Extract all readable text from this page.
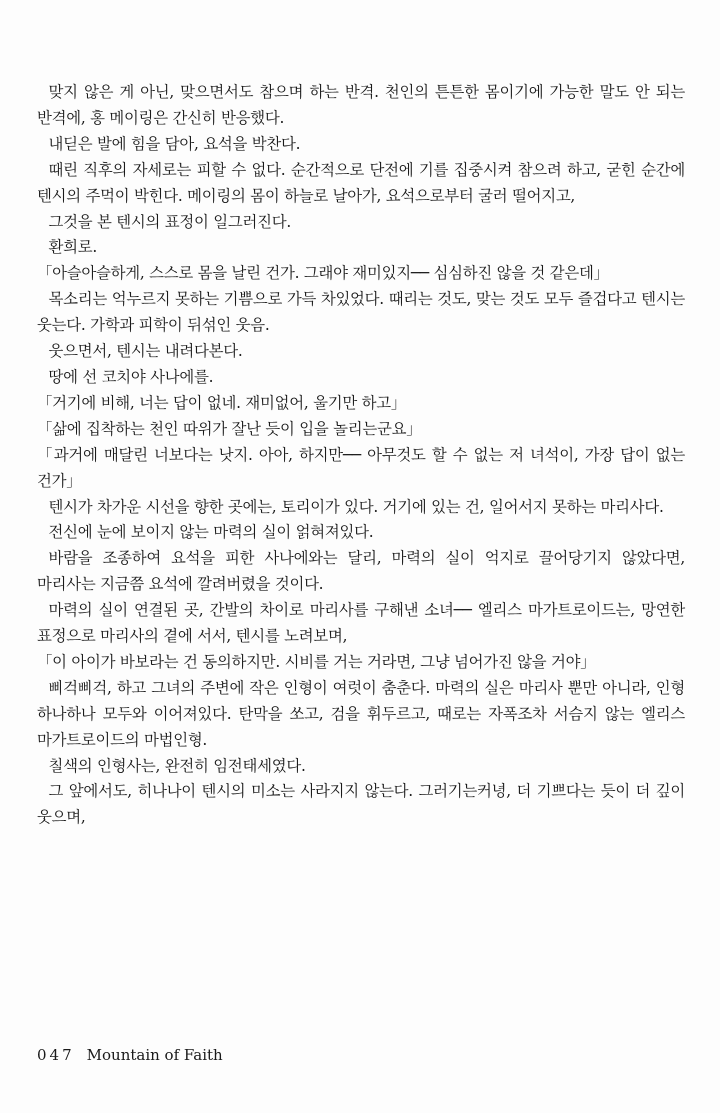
맞지 않은 게 아닌, 맞으면서도 참으며 하는 반격. 천인의 튼튼한 몸이기에 가능한 말도 안 되는 반격에, 홍 메이링은 간신히 반응했다.

내딛은 발에 힘을 담아, 요석을 박찬다.

때린 직후의 자세로는 피할 수 없다. 순간적으로 단전에 기를 집중시켜 참으려 하고, 굳힌 순간에 텐시의 주먹이 박힌다. 메이링의 몸이 하늘로 날아가, 요석으로부터 굴러 떨어지고,

그것을 본 텐시의 표정이 일그러진다.

환희로.

「아슬아슬하게, 스스로 몸을 날린 건가. 그래야 재미있지── 심심하진 않을 것 같은데」

목소리는 억누르지 못하는 기쁨으로 가득 차있었다. 때리는 것도, 맞는 것도 모두 즐겁다고 텐시는 웃는다. 가학과 피학이 뒤섞인 웃음.

웃으면서, 텐시는 내려다본다.

땅에 선 코치야 사나에를.

「거기에 비해, 너는 답이 없네. 재미없어, 울기만 하고」

「삶에 집착하는 천인 따위가 잘난 듯이 입을 놀리는군요」

「과거에 매달린 너보다는 낫지. 아아, 하지만── 아무것도 할 수 없는 저 녀석이, 가장 답이 없는 건가」

텐시가 차가운 시선을 향한 곳에는, 토리이가 있다. 거기에 있는 건, 일어서지 못하는 마리사다.

전신에 눈에 보이지 않는 마력의 실이 얽혀져있다.

바람을 조종하여 요석을 피한 사나에와는 달리, 마력의 실이 억지로 끌어당기지 않았다면, 마리사는 지금쯤 요석에 깔려버렸을 것이다.

마력의 실이 연결된 곳, 간발의 차이로 마리사를 구해낸 소녀── 엘리스 마가트로이드는, 망연한 표정으로 마리사의 곁에 서서, 텐시를 노려보며,

「이 아이가 바보라는 건 동의하지만. 시비를 거는 거라면, 그냥 넘어가진 않을 거야」

삐걱삐걱, 하고 그녀의 주변에 작은 인형이 여럿이 춤춘다. 마력의 실은 마리사 뿐만 아니라, 인형 하나하나 모두와 이어져있다. 탄막을 쏘고, 검을 휘두르고, 때로는 자폭조차 서슴지 않는 엘리스 마가트로이드의 마법인형.

칠색의 인형사는, 완전히 임전태세였다.

그 앞에서도, 히나나이 텐시의 미소는 사라지지 않는다. 그러기는커녕, 더 기쁘다는 듯이 더 깊이 웃으며,

047 Mountain of Faith
